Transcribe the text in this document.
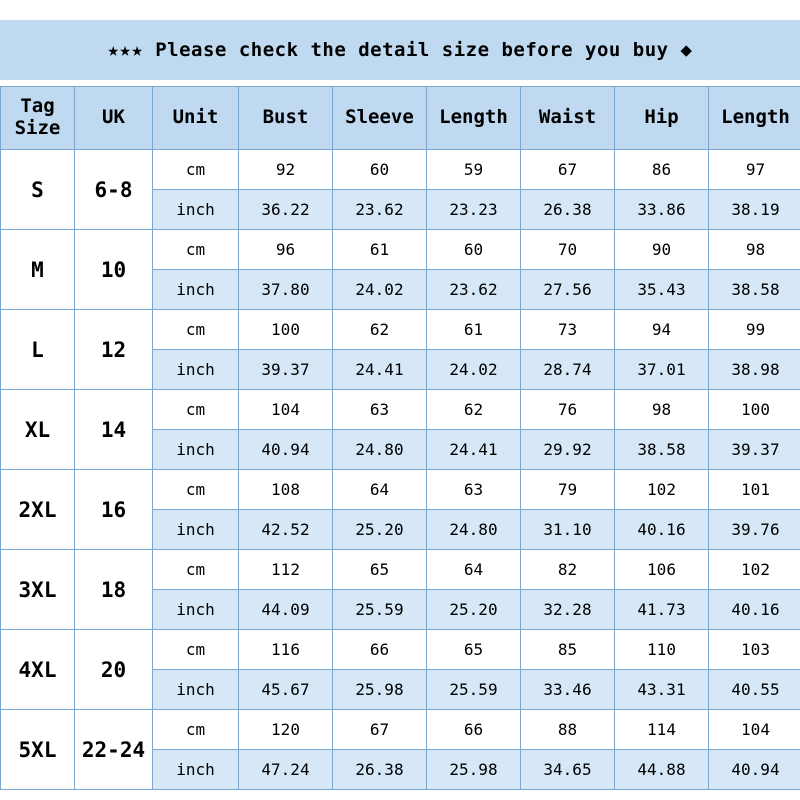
★★★ Please check the detail size before you buy ◆
Tag
Size	UK	Unit	Bust	Sleeve	Length	Waist	Hip	Length
S	6-8	cm	92	60	59	67	86	97
		inch	36.22	23.62	23.23	26.38	33.86	38.19
M	10	cm	96	61	60	70	90	98
		inch	37.80	24.02	23.62	27.56	35.43	38.58
L	12	cm	100	62	61	73	94	99
		inch	39.37	24.41	24.02	28.74	37.01	38.98
XL	14	cm	104	63	62	76	98	100
		inch	40.94	24.80	24.41	29.92	38.58	39.37
2XL	16	cm	108	64	63	79	102	101
		inch	42.52	25.20	24.80	31.10	40.16	39.76
3XL	18	cm	112	65	64	82	106	102
		inch	44.09	25.59	25.20	32.28	41.73	40.16
4XL	20	cm	116	66	65	85	110	103
		inch	45.67	25.98	25.59	33.46	43.31	40.55
5XL	22-24	cm	120	67	66	88	114	104
		inch	47.24	26.38	25.98	34.65	44.88	40.94
